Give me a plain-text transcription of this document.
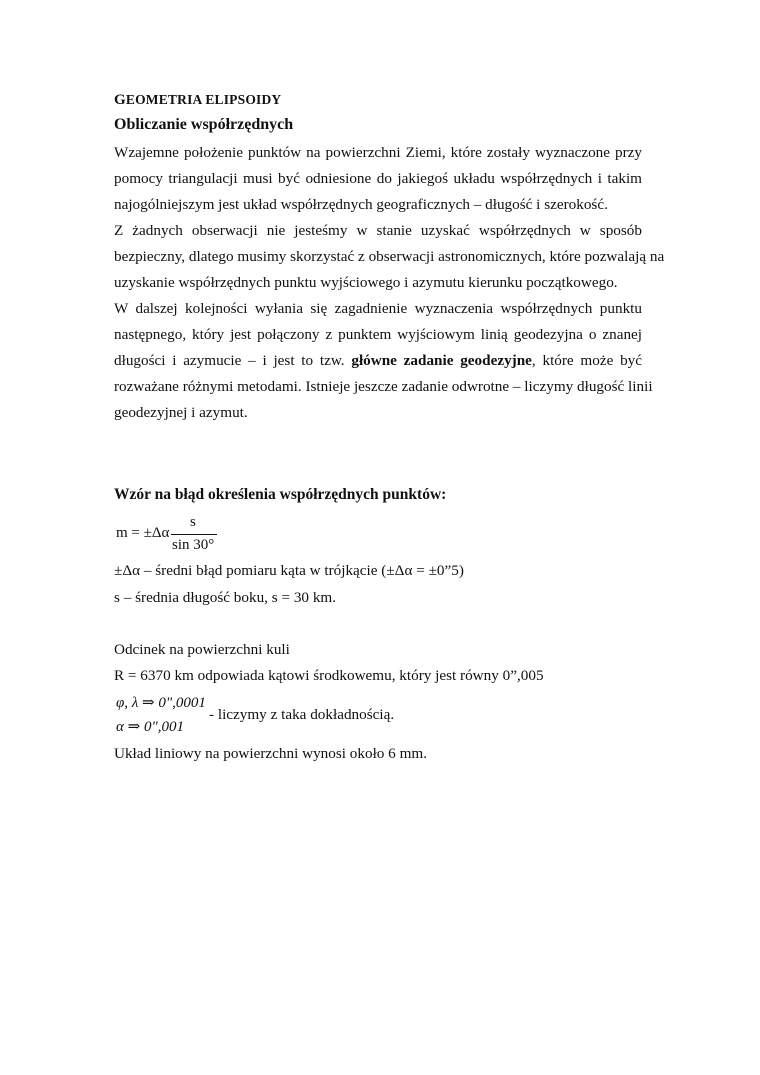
GEOMETRIA ELIPSOIDY
Obliczanie współrzędnych
Wzajemne położenie punktów na powierzchni Ziemi, które zostały wyznaczone przy
pomocy triangulacji musi być odniesione do jakiegoś układu współrzędnych i takim
najogólniejszym jest układ współrzędnych geograficznych – długość i szerokość.
Z żadnych obserwacji nie jesteśmy w stanie uzyskać współrzędnych w sposób
bezpieczny, dlatego musimy skorzystać z obserwacji astronomicznych, które pozwalają na
uzyskanie współrzędnych punktu wyjściowego i azymutu kierunku początkowego.
W dalszej kolejności wyłania się zagadnienie wyznaczenia współrzędnych punktu
następnego, który jest połączony z punktem wyjściowym linią geodezyjna o znanej
długości i azymucie – i jest to tzw. główne zadanie geodezyjne, które może być
rozważane różnymi metodami. Istnieje jeszcze zadanie odwrotne – liczymy długość linii
geodezyjnej i azymut.
Wzór na błąd określenia współrzędnych punktów:
m = ±Δα
s
sin 30°
±Δα – średni błąd pomiaru kąta w trójkącie (±Δα = ±0”5)
s – średnia długość boku, s = 30 km.
Odcinek na powierzchni kuli
R = 6370 km odpowiada kątowi środkowemu, który jest równy 0”,005
φ, λ ⇒ 0",0001
α ⇒ 0",001
- liczymy z taka dokładnością.
Układ liniowy na powierzchni wynosi około 6 mm.
